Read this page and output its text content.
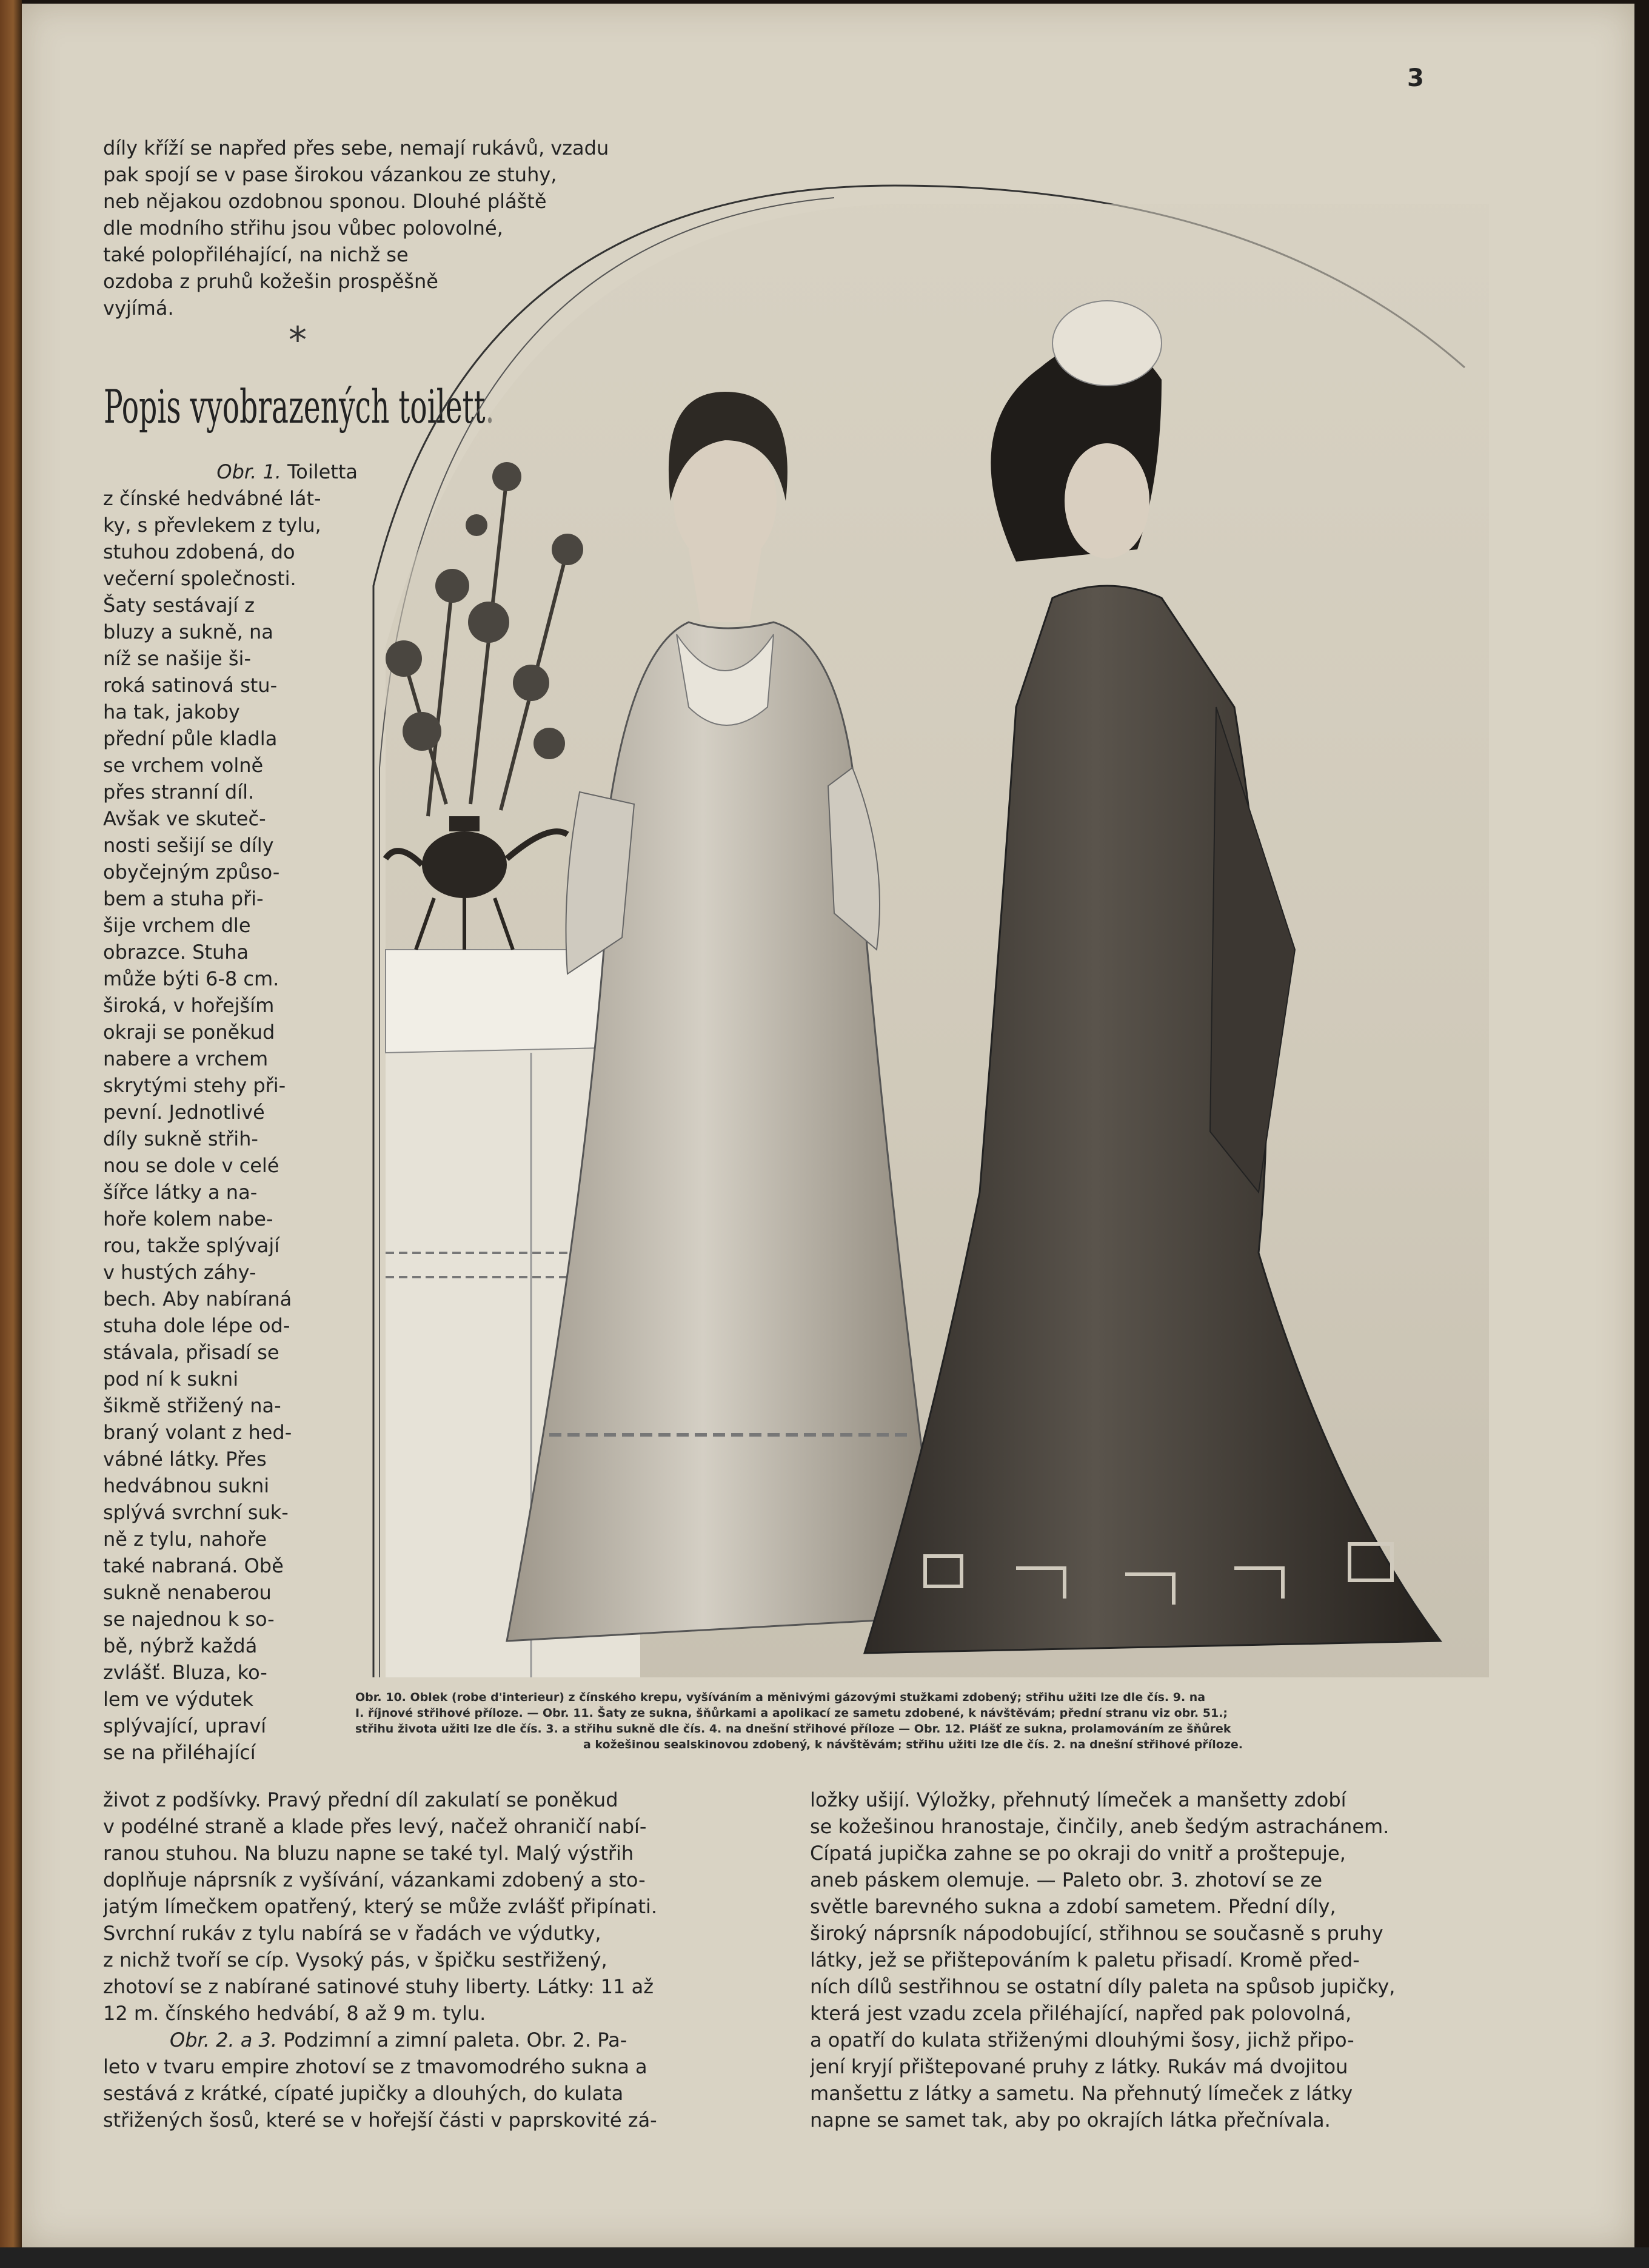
3
díly kříží se napřed přes sebe, nemají rukávů, vzadu
pak spojí se v pase širokou vázankou ze stuhy,
neb nějakou ozdobnou sponou. Dlouhé pláště
dle modního střihu jsou vůbec polovolné,
také polopřiléhající, na nichž se
ozdoba z pruhů kožešin prospěšně
vyjímá.
*
Popis vyobrazených toilett.
Obr. 1. Toiletta
z čínské hedvábné lát-
ky, s převlekem z tylu,
stuhou zdobená, do
večerní společnosti.
Šaty sestávají z
bluzy a sukně, na
níž se našije ši-
roká satinová stu-
ha tak, jakoby
přední půle kladla
se vrchem volně
přes stranní díl.
Avšak ve skuteč-
nosti sešijí se díly
obyčejným způso-
bem a stuha při-
šije vrchem dle
obrazce. Stuha
může býti 6-8 cm.
široká, v hořejším
okraji se poněkud
nabere a vrchem
skrytými stehy při-
pevní. Jednotlivé
díly sukně střih-
nou se dole v celé
šířce látky a na-
hoře kolem nabe-
rou, takže splývají
v hustých záhy-
bech. Aby nabíraná
stuha dole lépe od-
stávala, přisadí se
pod ní k sukni
šikmě střižený na-
braný volant z hed-
vábné látky. Přes
hedvábnou sukni
splývá svrchní suk-
ně z tylu, nahoře
také nabraná. Obě
sukně nenaberou
se najednou k so-
bě, nýbrž každá
zvlášť. Bluza, ko-
lem ve výdutek
splývající, upraví
se na přiléhající
Obr. 10. Oblek (robe d'interieur) z čínského krepu, vyšíváním a měnivými gázovými stužkami zdobený; střihu užiti lze dle čís. 9. na
I. říjnové střihové příloze. — Obr. 11. Šaty ze sukna, šňůrkami a apolikací ze sametu zdobené, k návštěvám; přední stranu viz obr. 51.;
střihu života užiti lze dle čís. 3. a střihu sukně dle čís. 4. na dnešní střihové příloze — Obr. 12. Plášť ze sukna, prolamováním ze šňůrek
a kožešinou sealskinovou zdobený, k návštěvám; střihu užiti lze dle čís. 2. na dnešní střihové příloze.
život z podšívky. Pravý přední díl zakulatí se poněkud
v podélné straně a klade přes levý, načež ohraničí nabí-
ranou stuhou. Na bluzu napne se také tyl. Malý výstřih
doplňuje náprsník z vyšívání, vázankami zdobený a sto-
jatým límečkem opatřený, který se může zvlášť připínati.
Svrchní rukáv z tylu nabírá se v řadách ve výdutky,
z nichž tvoří se cíp. Vysoký pás, v špičku sestřižený,
zhotoví se z nabírané satinové stuhy liberty. Látky: 11 až
12 m. čínského hedvábí, 8 až 9 m. tylu.
Obr. 2. a 3. Podzimní a zimní paleta. Obr. 2. Pa-
leto v tvaru empire zhotoví se z tmavomodrého sukna a
sestává z krátké, cípaté jupičky a dlouhých, do kulata
střižených šosů, které se v hořejší části v paprskovité zá-
ložky ušijí. Výložky, přehnutý límeček a manšetty zdobí
se kožešinou hranostaje, činčily, aneb šedým astrachánem.
Cípatá jupička zahne se po okraji do vnitř a proštepuje,
aneb páskem olemuje. — Paleto obr. 3. zhotoví se ze
světle barevného sukna a zdobí sametem. Přední díly,
široký náprsník nápodobující, střihnou se současně s pruhy
látky, jež se přištepováním k paletu přisadí. Kromě před-
ních dílů sestřihnou se ostatní díly paleta na spůsob jupičky,
která jest vzadu zcela přiléhající, napřed pak polovolná,
a opatří do kulata střiženými dlouhými šosy, jichž připo-
jení kryjí přištepované pruhy z látky. Rukáv má dvojitou
manšettu z látky a sametu. Na přehnutý límeček z látky
napne se samet tak, aby po okrajích látka přečnívala.
